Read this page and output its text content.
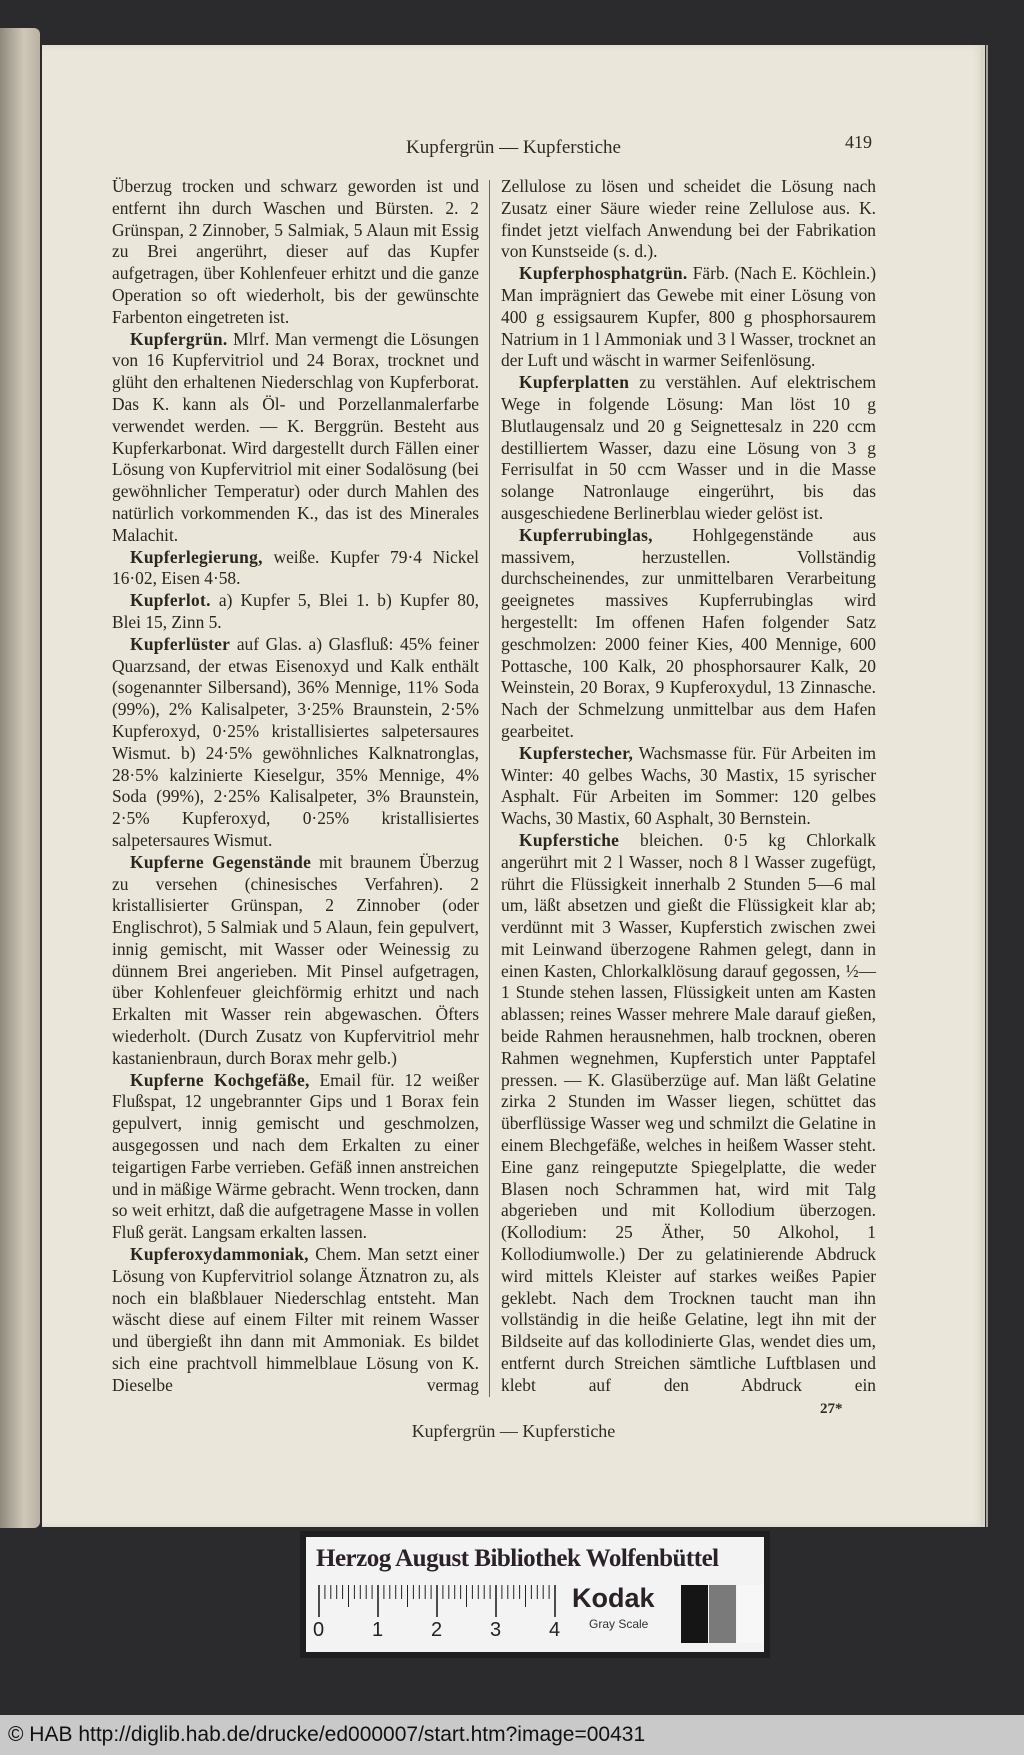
Kupfergrün — Kupferstiche	419

Überzug trocken und schwarz geworden ist und entfernt ihn durch Waschen und Bürsten. 2. 2 Grünspan, 2 Zinnober, 5 Salmiak, 5 Alaun mit Essig zu Brei angerührt, dieser auf das Kupfer aufgetragen, über Kohlenfeuer erhitzt und die ganze Operation so oft wiederholt, bis der gewünschte Farbenton eingetreten ist.

Kupfergrün. Mlrf. Man vermengt die Lösungen von 16 Kupfervitriol und 24 Borax, trocknet und glüht den erhaltenen Niederschlag von Kupferborat. Das K. kann als Öl- und Porzellanmalerfarbe verwendet werden. — K. Berggrün. Besteht aus Kupferkarbonat. Wird dargestellt durch Fällen einer Lösung von Kupfervitriol mit einer Sodalösung (bei gewöhnlicher Temperatur) oder durch Mahlen des natürlich vorkommenden K., das ist des Minerales Malachit.

Kupferlegierung, weiße. Kupfer 79·4 Nickel 16·02, Eisen 4·58.

Kupferlot. a) Kupfer 5, Blei 1. b) Kupfer 80, Blei 15, Zinn 5.

Kupferlüster auf Glas. a) Glasfluß: 45% feiner Quarzsand, der etwas Eisenoxyd und Kalk enthält (sogenannter Silbersand), 36% Mennige, 11% Soda (99%), 2% Kalisalpeter, 3·25% Braunstein, 2·5% Kupferoxyd, 0·25% kristallisiertes salpetersaures Wismut. b) 24·5% gewöhnliches Kalknatronglas, 28·5% kalzinierte Kieselgur, 35% Mennige, 4% Soda (99%), 2·25% Kalisalpeter, 3% Braunstein, 2·5% Kupferoxyd, 0·25% kristallisiertes salpetersaures Wismut.

Kupferne Gegenstände mit braunem Überzug zu versehen (chinesisches Verfahren). 2 kristallisierter Grünspan, 2 Zinnober (oder Englischrot), 5 Salmiak und 5 Alaun, fein gepulvert, innig gemischt, mit Wasser oder Weinessig zu dünnem Brei angerieben. Mit Pinsel aufgetragen, über Kohlenfeuer gleichförmig erhitzt und nach Erkalten mit Wasser rein abgewaschen. Öfters wiederholt. (Durch Zusatz von Kupfervitriol mehr kastanienbraun, durch Borax mehr gelb.)

Kupferne Kochgefäße, Email für. 12 weißer Flußspat, 12 ungebrannter Gips und 1 Borax fein gepulvert, innig gemischt und geschmolzen, ausgegossen und nach dem Erkalten zu einer teigartigen Farbe verrieben. Gefäß innen anstreichen und in mäßige Wärme gebracht. Wenn trocken, dann so weit erhitzt, daß die aufgetragene Masse in vollen Fluß gerät. Langsam erkalten lassen.

Kupferoxydammoniak, Chem. Man setzt einer Lösung von Kupfervitriol solange Ätznatron zu, als noch ein blaßblauer Niederschlag entsteht. Man wäscht diese auf einem Filter mit reinem Wasser und übergießt ihn dann mit Ammoniak. Es bildet sich eine prachtvoll himmelblaue Lösung von K. Dieselbe vermag

Zellulose zu lösen und scheidet die Lösung nach Zusatz einer Säure wieder reine Zellulose aus. K. findet jetzt vielfach Anwendung bei der Fabrikation von Kunstseide (s. d.).

Kupferphosphatgrün. Färb. (Nach E. Köchlein.) Man imprägniert das Gewebe mit einer Lösung von 400 g essigsaurem Kupfer, 800 g phosphorsaurem Natrium in 1 l Ammoniak und 3 l Wasser, trocknet an der Luft und wäscht in warmer Seifenlösung.

Kupferplatten zu verstählen. Auf elektrischem Wege in folgende Lösung: Man löst 10 g Blutlaugensalz und 20 g Seignettesalz in 220 ccm destilliertem Wasser, dazu eine Lösung von 3 g Ferrisulfat in 50 ccm Wasser und in die Masse solange Natronlauge eingerührt, bis das ausgeschiedene Berlinerblau wieder gelöst ist.

Kupferrubinglas, Hohlgegenstände aus massivem, herzustellen. Vollständig durchscheinendes, zur unmittelbaren Verarbeitung geeignetes massives Kupferrubinglas wird hergestellt: Im offenen Hafen folgender Satz geschmolzen: 2000 feiner Kies, 400 Mennige, 600 Pottasche, 100 Kalk, 20 phosphorsaurer Kalk, 20 Weinstein, 20 Borax, 9 Kupferoxydul, 13 Zinnasche. Nach der Schmelzung unmittelbar aus dem Hafen gearbeitet.

Kupferstecher, Wachsmasse für. Für Arbeiten im Winter: 40 gelbes Wachs, 30 Mastix, 15 syrischer Asphalt. Für Arbeiten im Sommer: 120 gelbes Wachs, 30 Mastix, 60 Asphalt, 30 Bernstein.

Kupferstiche bleichen. 0·5 kg Chlorkalk angerührt mit 2 l Wasser, noch 8 l Wasser zugefügt, rührt die Flüssigkeit innerhalb 2 Stunden 5—6 mal um, läßt absetzen und gießt die Flüssigkeit klar ab; verdünnt mit 3 Wasser, Kupferstich zwischen zwei mit Leinwand überzogene Rahmen gelegt, dann in einen Kasten, Chlorkalklösung darauf gegossen, ½—1 Stunde stehen lassen, Flüssigkeit unten am Kasten ablassen; reines Wasser mehrere Male darauf gießen, beide Rahmen herausnehmen, halb trocknen, oberen Rahmen wegnehmen, Kupferstich unter Papptafel pressen. — K. Glasüberzüge auf. Man läßt Gelatine zirka 2 Stunden im Wasser liegen, schüttet das überflüssige Wasser weg und schmilzt die Gelatine in einem Blechgefäße, welches in heißem Wasser steht. Eine ganz reingeputzte Spiegelplatte, die weder Blasen noch Schrammen hat, wird mit Talg abgerieben und mit Kollodium überzogen. (Kollodium: 25 Äther, 50 Alkohol, 1 Kollodiumwolle.) Der zu gelatinierende Abdruck wird mittels Kleister auf starkes weißes Papier geklebt. Nach dem Trocknen taucht man ihn vollständig in die heiße Gelatine, legt ihn mit der Bildseite auf das kollodinierte Glas, wendet dies um, entfernt durch Streichen sämtliche Luftblasen und klebt auf den Abdruck ein

27*
Kupfergrün — Kupferstiche
Herzog August Bibliothek Wolfenbüttel
0 1 2 3 4
Kodak
Gray Scale
© HAB http://diglib.hab.de/drucke/ed000007/start.htm?image=00431
